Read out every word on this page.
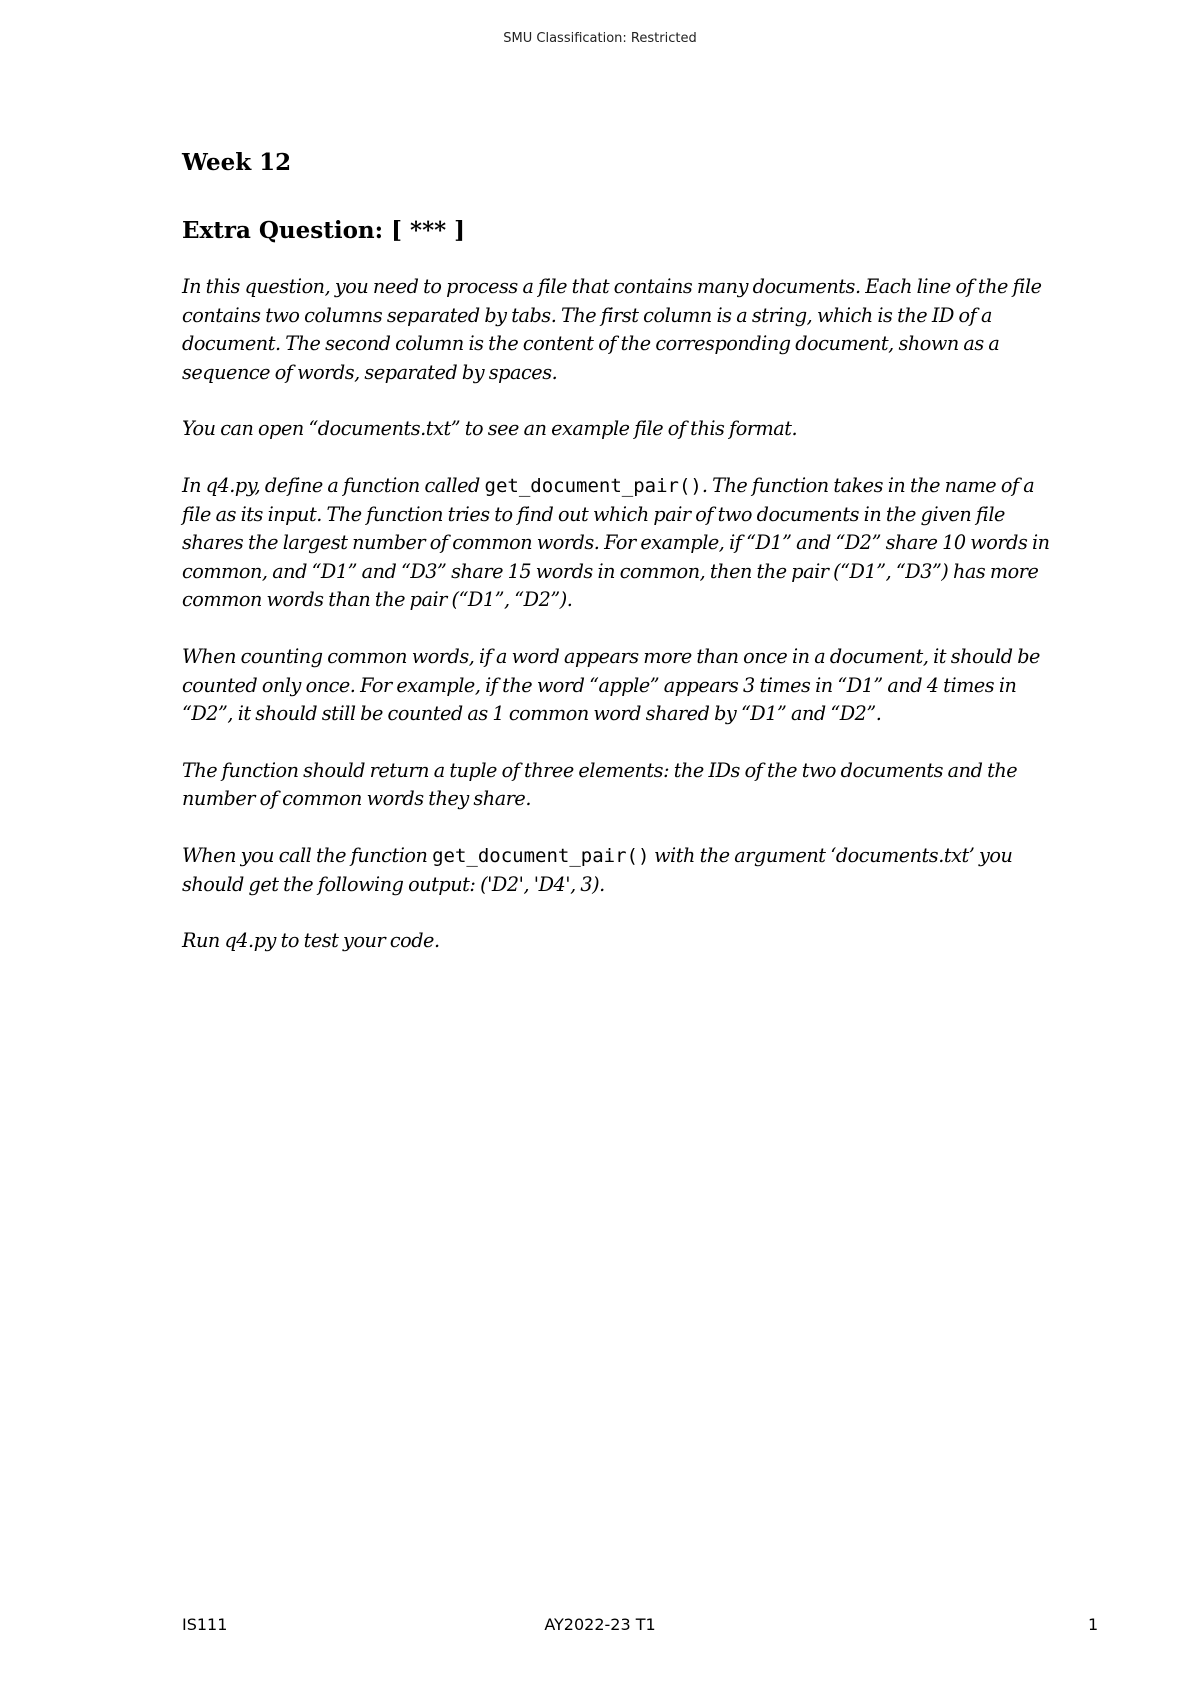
SMU Classification: Restricted
Week 12
Extra Question: [ *** ]

In this question, you need to process a file that contains many documents. Each line of the file contains two columns separated by tabs. The first column is a string, which is the ID of a document. The second column is the content of the corresponding document, shown as a sequence of words, separated by spaces.

You can open “documents.txt” to see an example file of this format.

In q4.py, define a function called get_document_pair(). The function takes in the name of a file as its input. The function tries to find out which pair of two documents in the given file shares the largest number of common words. For example, if “D1” and “D2” share 10 words in common, and “D1” and “D3” share 15 words in common, then the pair (“D1”, “D3”) has more common words than the pair (“D1”, “D2”).

When counting common words, if a word appears more than once in a document, it should be counted only once. For example, if the word “apple” appears 3 times in “D1” and 4 times in “D2”, it should still be counted as 1 common word shared by “D1” and “D2”.

The function should return a tuple of three elements: the IDs of the two documents and the number of common words they share.

When you call the function get_document_pair() with the argument ‘documents.txt’ you should get the following output: ('D2', 'D4', 3).

Run q4.py to test your code.

IS111	AY2022-23 T1	1
